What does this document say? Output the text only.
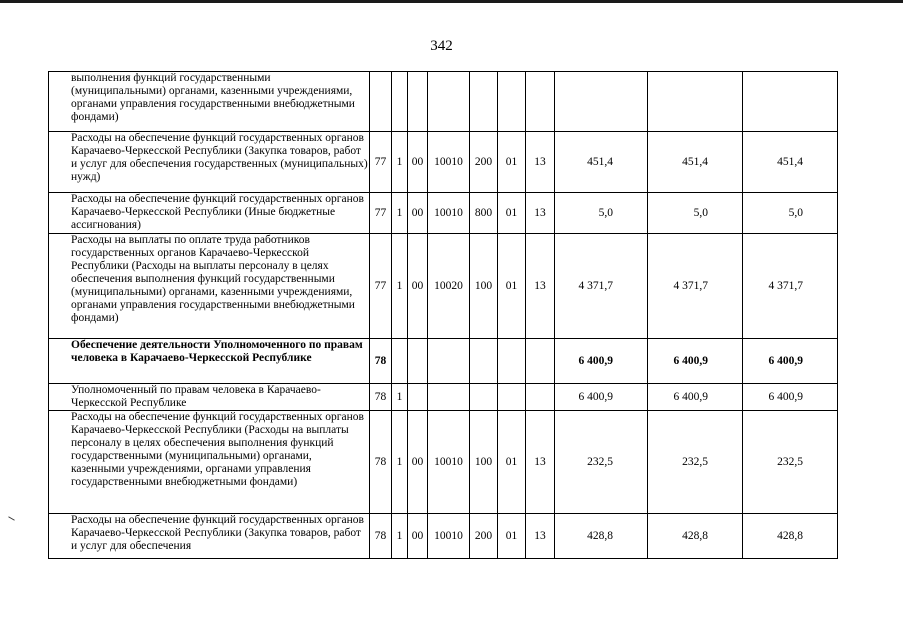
342
выполнения функций государственными (муниципальными) органами, казенными учреждениями, органами управления государственными внебюджетными фондами)										
Расходы на обеспечение функций государственных органов Карачаево-Черкесской Республики (Закупка товаров, работ и услуг для обеспечения государственных (муниципальных) нужд)	77	1	00	10010	200	01	13	451,4	451,4	451,4
Расходы на обеспечение функций государственных органов Карачаево-Черкесской Республики (Иные бюджетные ассигнования)	77	1	00	10010	800	01	13	5,0	5,0	5,0
Расходы на выплаты по оплате труда работников государственных органов Карачаево-Черкесской Республики (Расходы на выплаты персоналу в целях обеспечения выполнения функций государственными (муниципальными) органами, казенными учреждениями, органами управления государственными внебюджетными фондами)	77	1	00	10020	100	01	13	4 371,7	4 371,7	4 371,7
Обеспечение деятельности Уполномоченного по правам человека в Карачаево-Черкесской Республике	78							6 400,9	6 400,9	6 400,9
Уполномоченный по правам человека в Карачаево-Черкесской Республике	78	1						6 400,9	6 400,9	6 400,9
Расходы на обеспечение функций государственных органов Карачаево-Черкесской Республики (Расходы на выплаты персоналу в целях обеспечения выполнения функций государственными (муниципальными) органами, казенными учреждениями, органами управления государственными внебюджетными фондами)	78	1	00	10010	100	01	13	232,5	232,5	232,5
Расходы на обеспечение функций государственных органов Карачаево-Черкесской Республики (Закупка товаров, работ и услуг для обеспечения	78	1	00	10010	200	01	13	428,8	428,8	428,8
